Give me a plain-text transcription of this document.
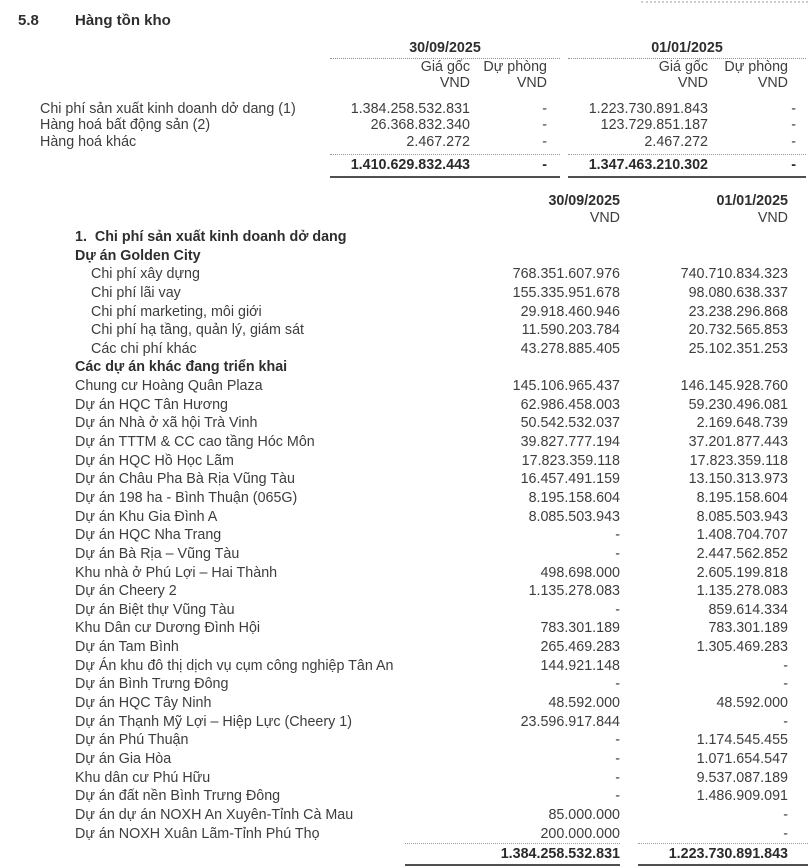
5.8	Hàng tồn kho
30/09/2025	01/01/2025
Giá gốc Dự phòng	Giá gốc	Dự phòng
VND	VND	VND	VND
Chi phí sản xuất kinh doanh dở dang (1)	1.384.258.532.831	-	1.223.730.891.843	-
Hàng hoá bất động sản (2)	26.368.832.340	-	123.729.851.187	-
Hàng hoá khác	2.467.272	-	2.467.272	-
1.410.629.832.443	-	1.347.463.210.302	-
30/09/2025	01/01/2025
VND	VND
1.  Chi phí sản xuất kinh doanh dở dang
Dự án Golden City
Chi phí xây dựng	768.351.607.976	740.710.834.323
Chi phí lãi vay	155.335.951.678	98.080.638.337
Chi phí marketing, môi giới	29.918.460.946	23.238.296.868
Chi phí hạ tầng, quản lý, giám sát	11.590.203.784	20.732.565.853
Các chi phí khác	43.278.885.405	25.102.351.253
Các dự án khác đang triển khai
Chung cư Hoàng Quân Plaza	145.106.965.437	146.145.928.760
Dự án HQC Tân Hương	62.986.458.003	59.230.496.081
Dự án Nhà ở xã hội Trà Vinh	50.542.532.037	2.169.648.739
Dự án TTTM & CC cao tầng Hóc Môn	39.827.777.194	37.201.877.443
Dự án HQC Hồ Học Lãm	17.823.359.118	17.823.359.118
Dự án Châu Pha Bà Rịa Vũng Tàu	16.457.491.159	13.150.313.973
Dự án 198 ha - Bình Thuận (065G)	8.195.158.604	8.195.158.604
Dự án Khu Gia Đình A	8.085.503.943	8.085.503.943
Dự án HQC Nha Trang	-	1.408.704.707
Dự án Bà Rịa – Vũng Tàu	-	2.447.562.852
Khu nhà ở Phú Lợi – Hai Thành	498.698.000	2.605.199.818
Dự án Cheery 2	1.135.278.083	1.135.278.083
Dự án Biệt thự Vũng Tàu	-	859.614.334
Khu Dân cư Dương Đình Hội	783.301.189	783.301.189
Dự án Tam Bình	265.469.283	1.305.469.283
Dự Án khu đô thị dịch vụ cụm công nghiệp Tân An	144.921.148	-
Dự án Bình Trưng Đông	-	-
Dự án HQC Tây Ninh	48.592.000	48.592.000
Dự án Thạnh Mỹ Lợi – Hiệp Lực (Cheery 1)	23.596.917.844	-
Dự án Phú Thuận	-	1.174.545.455
Dự án Gia Hòa	-	1.071.654.547
Khu dân cư Phú Hữu	-	9.537.087.189
Dự án đất nền Bình Trưng Đông	-	1.486.909.091
Dự án dự án NOXH An Xuyên-Tỉnh Cà Mau	85.000.000	-
Dự án NOXH Xuân Lãm-Tỉnh Phú Thọ	200.000.000	-
1.384.258.532.831	1.223.730.891.843
